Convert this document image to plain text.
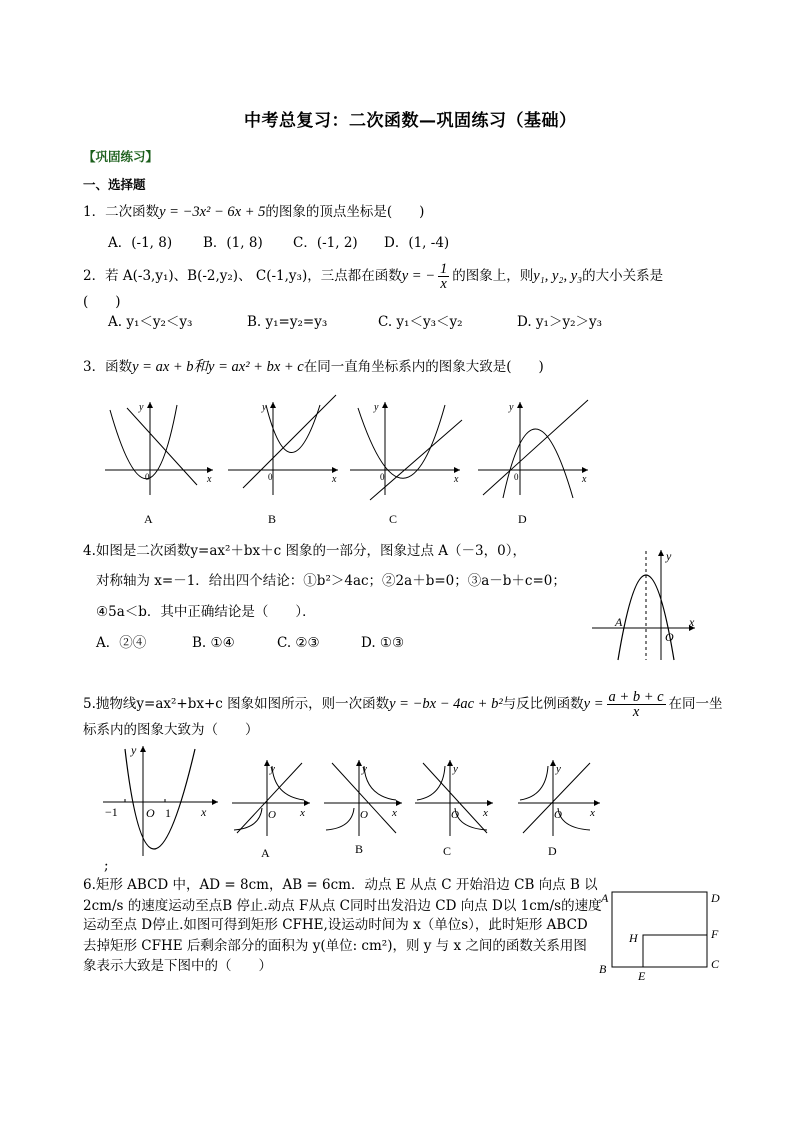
中考总复习：二次函数—巩固练习（基础）
【巩固练习】
一、选择题
1．二次函数y = −3x² − 6x + 5的图象的顶点坐标是(　　)
A．(-1, 8) B．(1, 8) C．(-1, 2) D．(1, -4)
2．若 A(-3,y₁)、B(-2,y₂)、 C(-1,y₃)，三点都在函数y = − $\frac{1}{x}$ 的图象上，则y₁, y₂, y₃的大小关系是
(　　)
A. y₁＜y₂＜y₃	B. y₁=y₂=y₃	C. y₁＜y₃＜y₂	D. y₁＞y₂＞y₃
3．函数y = ax + b和y = ax² + bx + c在同一直角坐标系内的图象大致是(　　)
y
x
0
A
y
x
0
B
y
x
0
C
y
x
0
D
4.如图是二次函数y=ax²＋bx＋c 图象的一部分，图象过点 A（－3，0），
对称轴为 x=－1．给出四个结论：①b²＞4ac；②2a＋b=0；③a－b＋c=0；
④5a＜b．其中正确结论是（　　）．
A．②④	B. ①④	C. ②③	D. ①③
A
O
x
y
5.抛物线y=ax²+bx+c 图象如图所示，则一次函数y = −bx − 4ac + b²与反比例函数$y = \frac{a + b + c}{x}$ 在同一坐
标系内的图象大致为（　　）
−1 O 1	x
y
;
y
x
O
A
y
x
O
B
y
x
O
C
y
x
O
D
6.矩形 ABCD 中，AD = 8cm，AB = 6cm．动点 E 从点 C 开始沿边 CB 向点 B 以
2cm/s 的速度运动至点B 停止.动点 F从点 C同时出发沿边 CD 向点 D以 1cm/s的速度
运动至点 D停止.如图可得到矩形 CFHE,设运动时间为 x（单位s），此时矩形 ABCD
去掉矩形 CFHE 后剩余部分的面积为 y(单位: cm²)，则 y 与 x 之间的函数关系用图
象表示大致是下图中的（　　）
A	D
B	C
F
H
E
